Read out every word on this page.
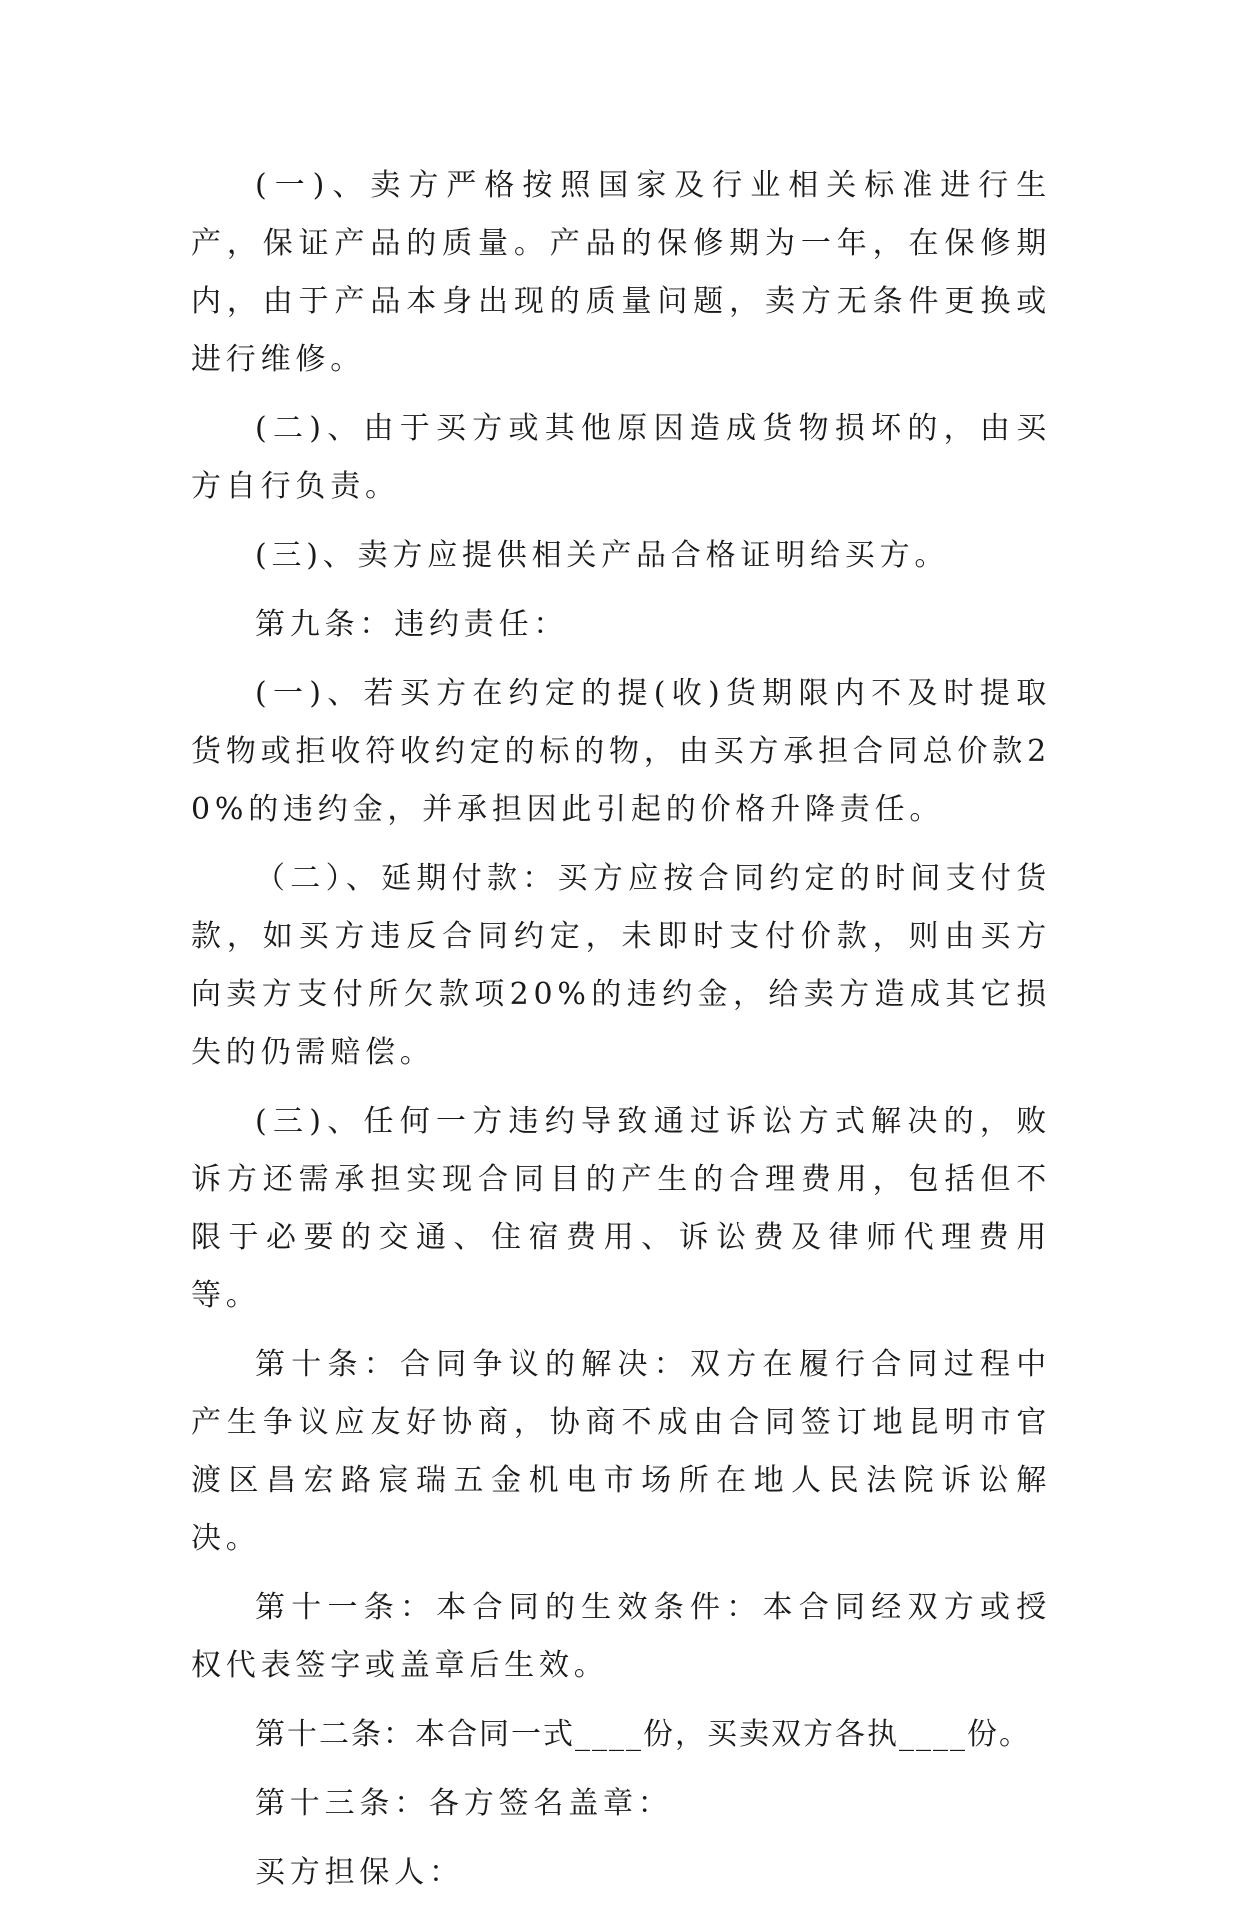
(一)、卖方严格按照国家及行业相关标准进行生产，保证产品的质量。产品的保修期为一年，在保修期内，由于产品本身出现的质量问题，卖方无条件更换或进行维修。

(二)、由于买方或其他原因造成货物损坏的，由买方自行负责。

(三)、卖方应提供相关产品合格证明给买方。

第九条：违约责任：

(一)、若买方在约定的提(收)货期限内不及时提取货物或拒收符收约定的标的物，由买方承担合同总价款20%的违约金，并承担因此引起的价格升降责任。

（二）、延期付款：买方应按合同约定的时间支付货款，如买方违反合同约定，未即时支付价款，则由买方向卖方支付所欠款项20%的违约金，给卖方造成其它损失的仍需赔偿。

(三)、任何一方违约导致通过诉讼方式解决的，败诉方还需承担实现合同目的产生的合理费用，包括但不限于必要的交通、住宿费用、诉讼费及律师代理费用等。

第十条：合同争议的解决：双方在履行合同过程中产生争议应友好协商，协商不成由合同签订地昆明市官渡区昌宏路宸瑞五金机电市场所在地人民法院诉讼解决。

第十一条：本合同的生效条件：本合同经双方或授权代表签字或盖章后生效。

第十二条：本合同一式____份，买卖双方各执____份。

第十三条：各方签名盖章：

买方担保人：
